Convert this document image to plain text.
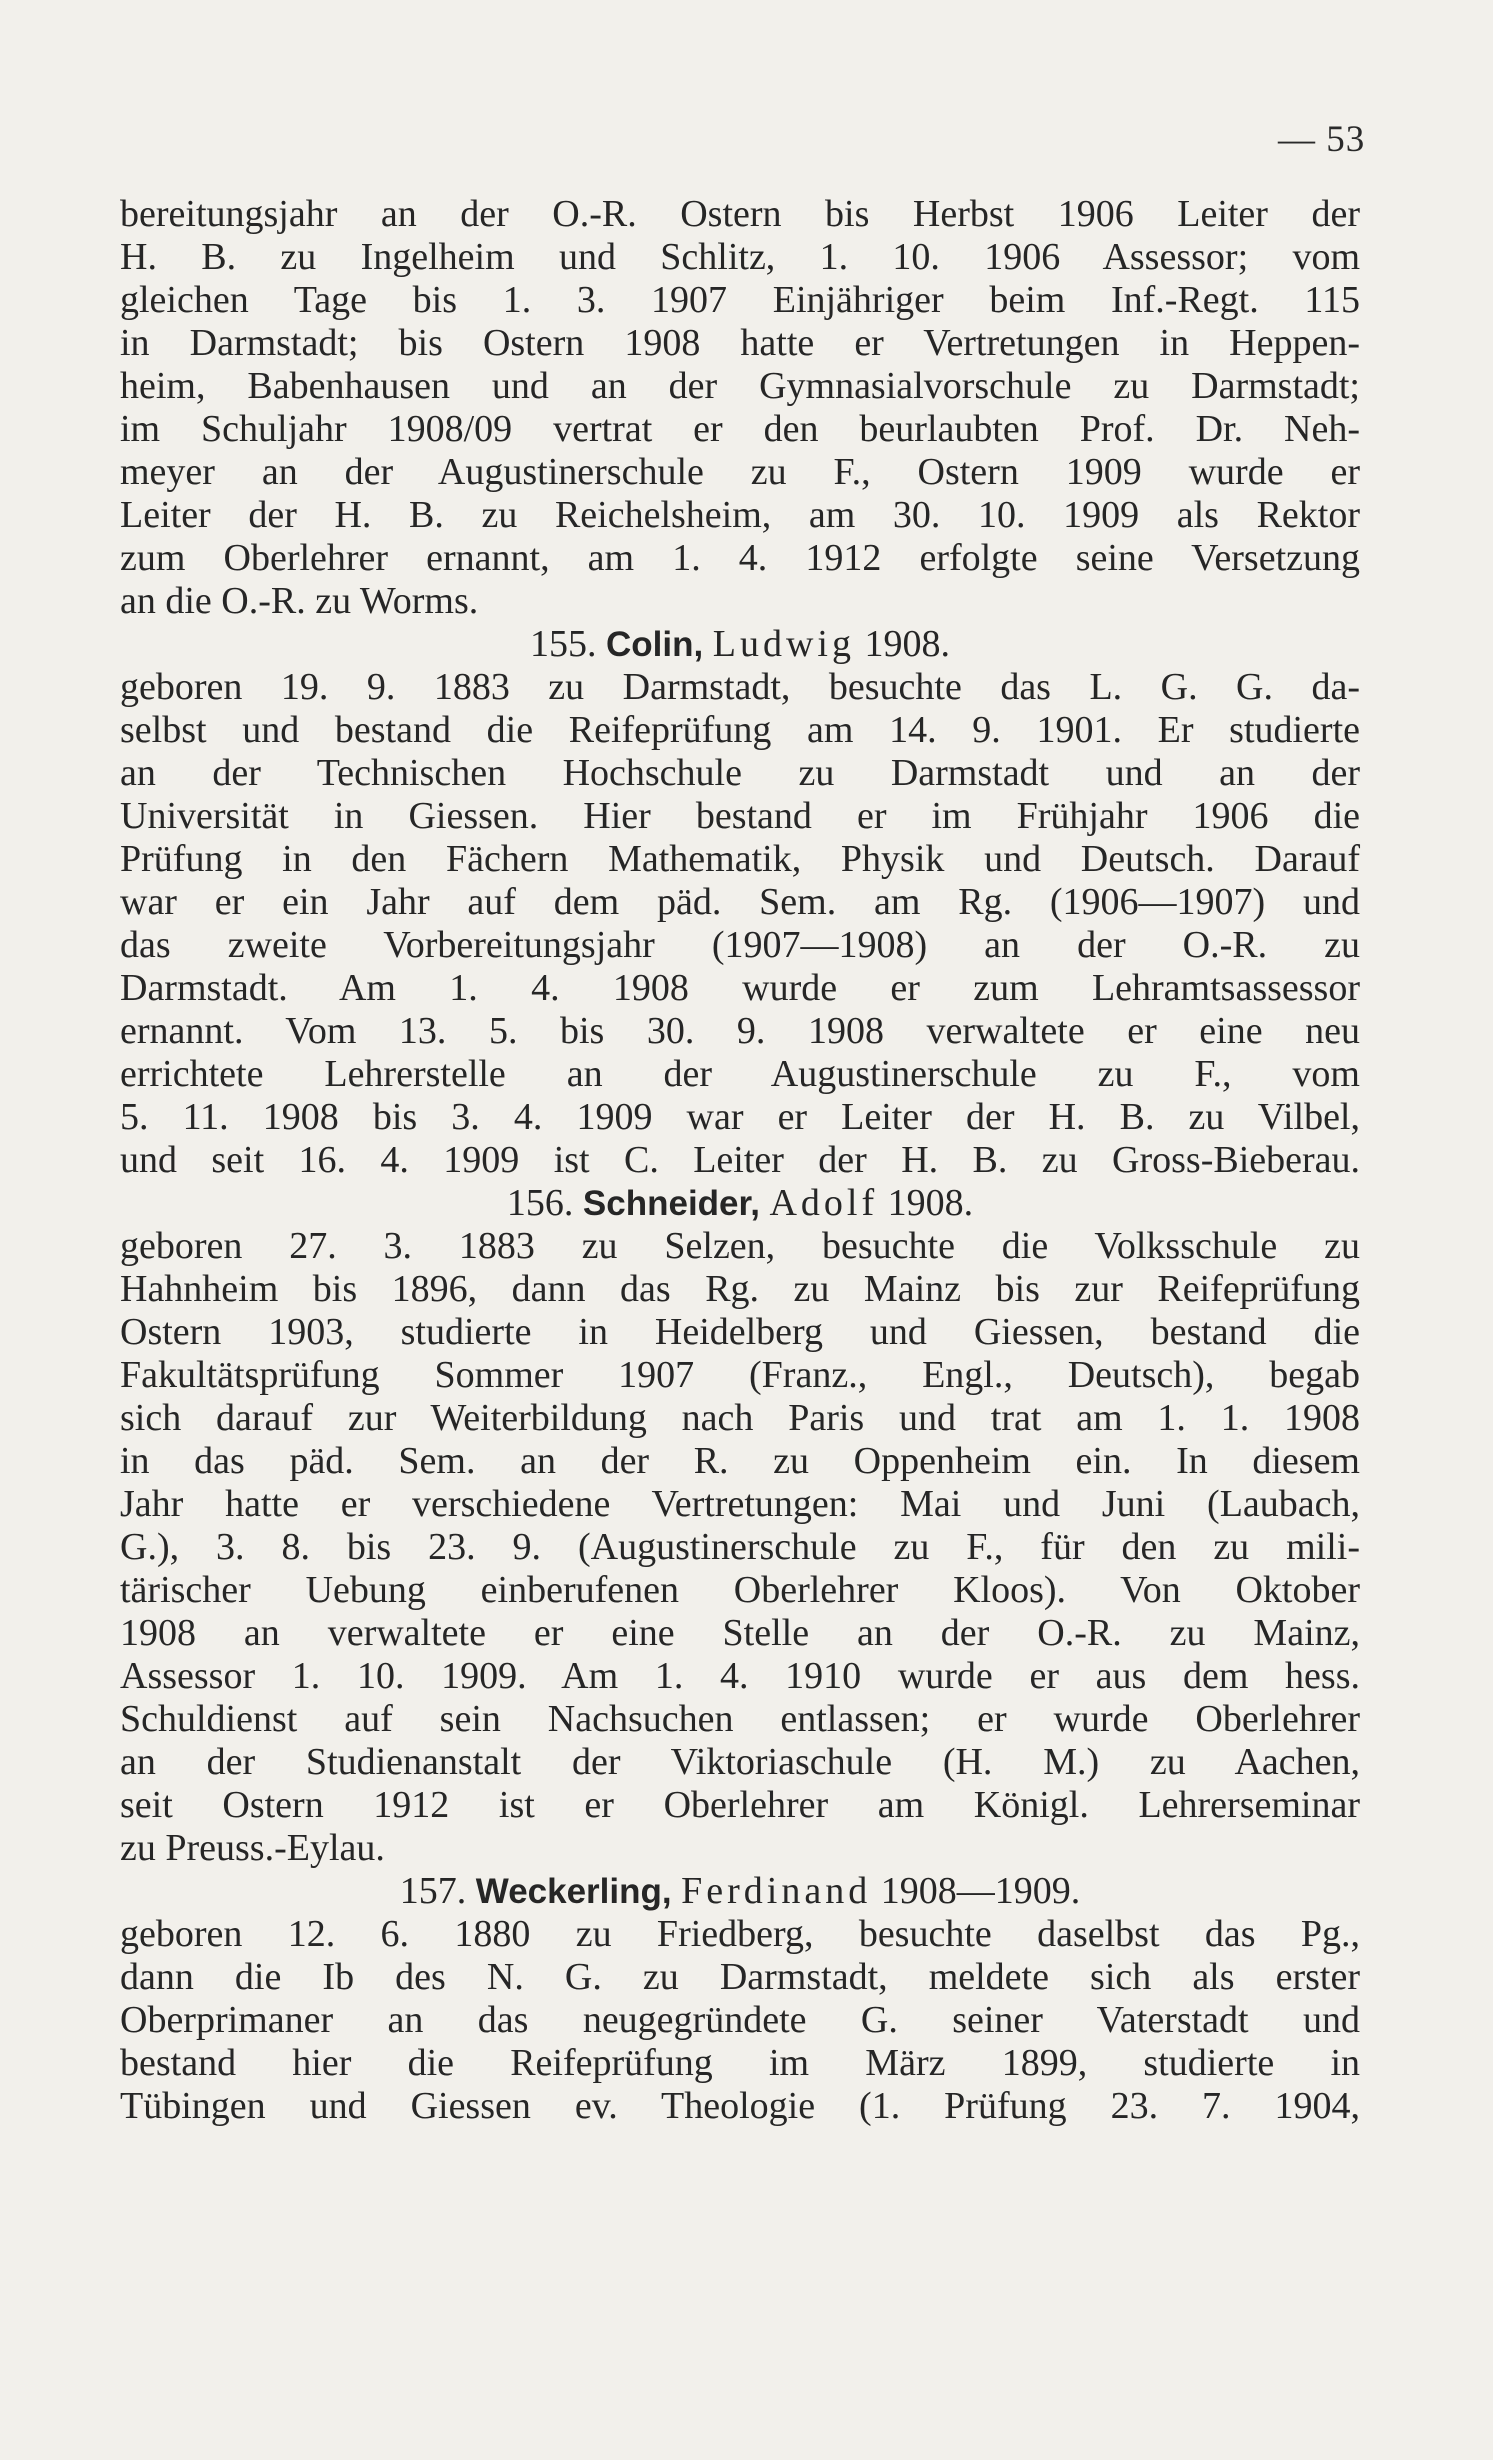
— 53
bereitungsjahr an der O.-R. Ostern bis Herbst 1906 Leiter der
H. B. zu Ingelheim und Schlitz, 1. 10. 1906 Assessor; vom
gleichen Tage bis 1. 3. 1907 Einjähriger beim Inf.-Regt. 115
in Darmstadt; bis Ostern 1908 hatte er Vertretungen in Heppen-
heim, Babenhausen und an der Gymnasialvorschule zu Darmstadt;
im Schuljahr 1908/09 vertrat er den beurlaubten Prof. Dr. Neh-
meyer an der Augustinerschule zu F., Ostern 1909 wurde er
Leiter der H. B. zu Reichelsheim, am 30. 10. 1909 als Rektor
zum Oberlehrer ernannt, am 1. 4. 1912 erfolgte seine Versetzung
an die O.-R. zu Worms.
155. Colin, Ludwig 1908.
geboren 19. 9. 1883 zu Darmstadt, besuchte das L. G. G. da-
selbst und bestand die Reifeprüfung am 14. 9. 1901. Er studierte
an der Technischen Hochschule zu Darmstadt und an der
Universität in Giessen. Hier bestand er im Frühjahr 1906 die
Prüfung in den Fächern Mathematik, Physik und Deutsch. Darauf
war er ein Jahr auf dem päd. Sem. am Rg. (1906—1907) und
das zweite Vorbereitungsjahr (1907—1908) an der O.-R. zu
Darmstadt. Am 1. 4. 1908 wurde er zum Lehramtsassessor
ernannt. Vom 13. 5. bis 30. 9. 1908 verwaltete er eine neu
errichtete Lehrerstelle an der Augustinerschule zu F., vom
5. 11. 1908 bis 3. 4. 1909 war er Leiter der H. B. zu Vilbel,
und seit 16. 4. 1909 ist C. Leiter der H. B. zu Gross-Bieberau.
156. Schneider, Adolf 1908.
geboren 27. 3. 1883 zu Selzen, besuchte die Volksschule zu
Hahnheim bis 1896, dann das Rg. zu Mainz bis zur Reifeprüfung
Ostern 1903, studierte in Heidelberg und Giessen, bestand die
Fakultätsprüfung Sommer 1907 (Franz., Engl., Deutsch), begab
sich darauf zur Weiterbildung nach Paris und trat am 1. 1. 1908
in das päd. Sem. an der R. zu Oppenheim ein. In diesem
Jahr hatte er verschiedene Vertretungen: Mai und Juni (Laubach,
G.), 3. 8. bis 23. 9. (Augustinerschule zu F., für den zu mili-
tärischer Uebung einberufenen Oberlehrer Kloos). Von Oktober
1908 an verwaltete er eine Stelle an der O.-R. zu Mainz,
Assessor 1. 10. 1909. Am 1. 4. 1910 wurde er aus dem hess.
Schuldienst auf sein Nachsuchen entlassen; er wurde Oberlehrer
an der Studienanstalt der Viktoriaschule (H. M.) zu Aachen,
seit Ostern 1912 ist er Oberlehrer am Königl. Lehrerseminar
zu Preuss.-Eylau.
157. Weckerling, Ferdinand 1908—1909.
geboren 12. 6. 1880 zu Friedberg, besuchte daselbst das Pg.,
dann die Ib des N. G. zu Darmstadt, meldete sich als erster
Oberprimaner an das neugegründete G. seiner Vaterstadt und
bestand hier die Reifeprüfung im März 1899, studierte in
Tübingen und Giessen ev. Theologie (1. Prüfung 23. 7. 1904,
